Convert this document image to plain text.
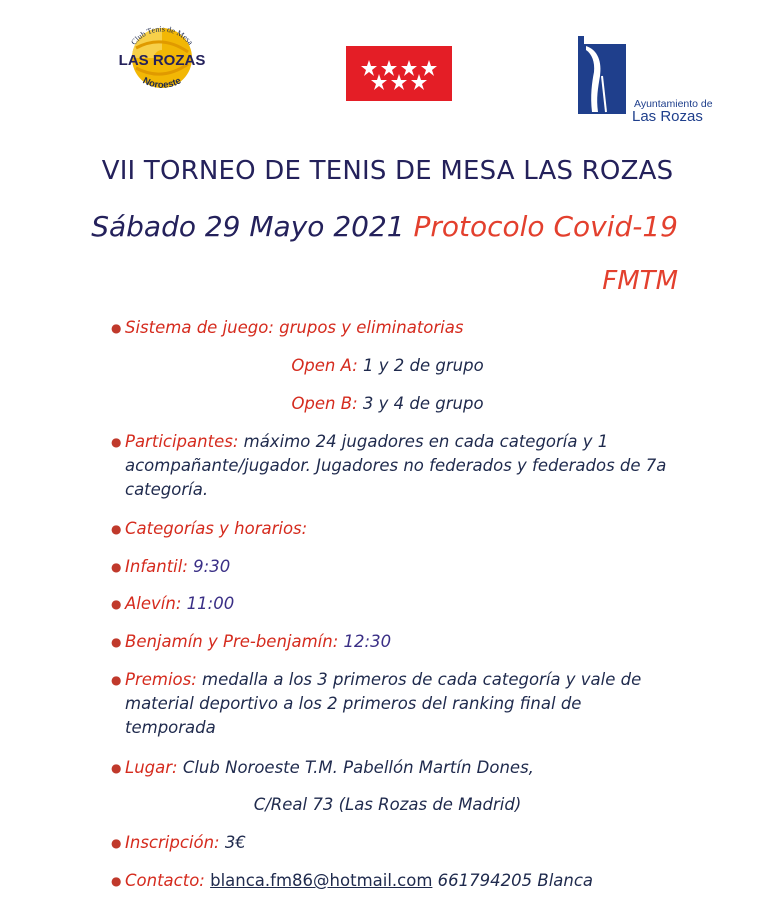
Club Tenis de Mesa
LAS ROZAS
Noroeste
Ayuntamiento de
Las Rozas
VII TORNEO DE TENIS DE MESA LAS ROZAS
Sábado 29 Mayo 2021 Protocolo Covid-19
FMTM
● Sistema de juego: grupos y eliminatorias
Open A: 1 y 2 de grupo
Open B: 3 y 4 de grupo
● Participantes: máximo 24 jugadores en cada categoría y 1 acompañante/jugador. Jugadores no federados y federados de 7a categoría.
● Categorías y horarios:
● Infantil: 9:30
● Alevín: 11:00
● Benjamín y Pre-benjamín: 12:30
● Premios: medalla a los 3 primeros de cada categoría y vale de material deportivo a los 2 primeros del ranking final de temporada
● Lugar: Club Noroeste T.M. Pabellón Martín Dones,
C/Real 73 (Las Rozas de Madrid)
● Inscripción: 3€
● Contacto: blanca.fm86@hotmail.com 661794205 Blanca
